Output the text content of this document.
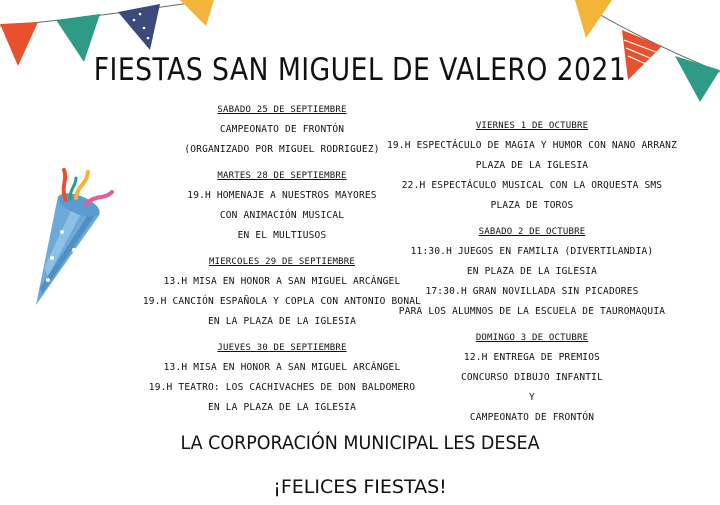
FIESTAS SAN MIGUEL DE VALERO 2021
SABADO 25 DE SEPTIEMBRE
CAMPEONATO DE FRONTÓN
(ORGANIZADO POR MIGUEL RODRIGUEZ)
MARTES 28 DE SEPTIEMBRE
19.H HOMENAJE A NUESTROS MAYORES
CON ANIMACIÓN MUSICAL
EN EL MULTIUSOS
MIERCOLES 29 DE SEPTIEMBRE
13.H MISA EN HONOR A SAN MIGUEL ARCÁNGEL
19.H CANCIÓN ESPAÑOLA Y COPLA CON ANTONIO BONAL
EN LA PLAZA DE LA IGLESIA
JUEVES 30 DE SEPTIEMBRE
13.H MISA EN HONOR A SAN MIGUEL ARCÁNGEL
19.H TEATRO: LOS CACHIVACHES DE DON BALDOMERO
EN LA PLAZA DE LA IGLESIA
VIERNES 1 DE OCTUBRE
19.H ESPECTÁCULO DE MAGIA Y HUMOR CON NANO ARRANZ
PLAZA DE LA IGLESIA
22.H ESPECTÁCULO MUSICAL CON LA ORQUESTA SMS
PLAZA DE TOROS
SABADO 2 DE OCTUBRE
11:30.H JUEGOS EN FAMILIA (DIVERTILANDIA)
EN PLAZA DE LA IGLESIA
17:30.H GRAN NOVILLADA SIN PICADORES
PARA LOS ALUMNOS DE LA ESCUELA DE TAUROMAQUIA
DOMINGO 3 DE OCTUBRE
12.H ENTREGA DE PREMIOS
CONCURSO DIBUJO INFANTIL
Y
CAMPEONATO DE FRONTÓN
LA CORPORACIÓN MUNICIPAL LES DESEA
¡FELICES FIESTAS!
